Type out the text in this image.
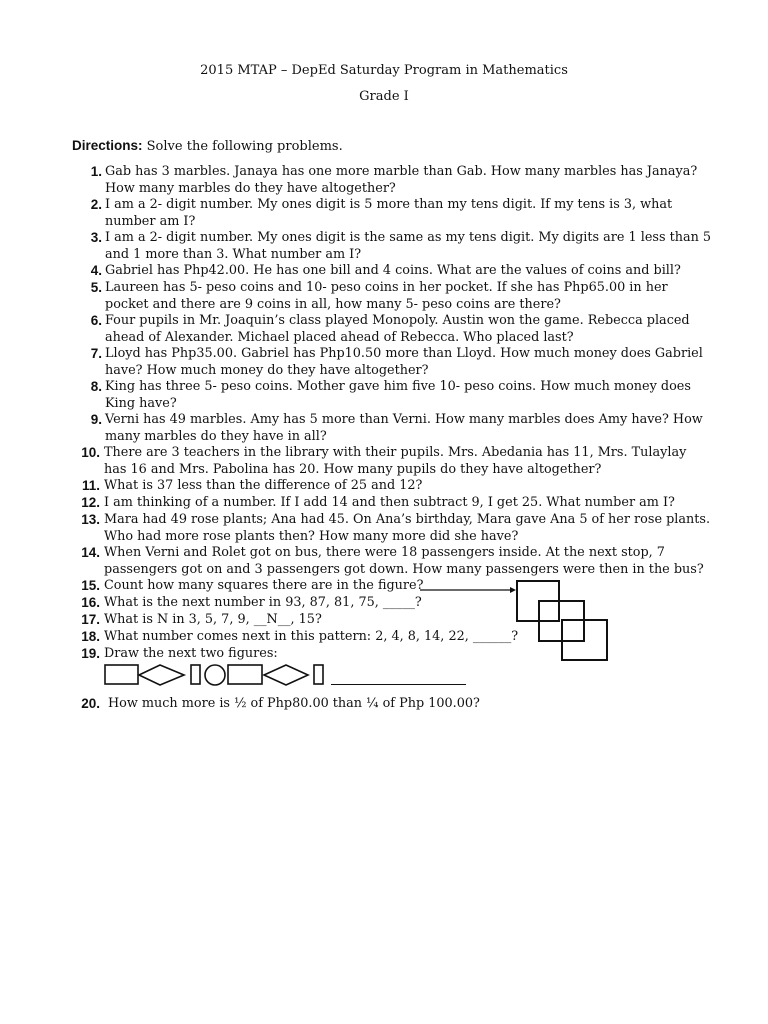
2015 MTAP – DepEd Saturday Program in Mathematics
Grade I
Directions: Solve the following problems.
1. Gab has 3 marbles. Janaya has one more marble than Gab. How many marbles has Janaya?
How many marbles do they have altogether?
2. I am a 2- digit number. My ones digit is 5 more than my tens digit. If my tens is 3, what
number am I?
3. I am a 2- digit number. My ones digit is the same as my tens digit. My digits are 1 less than 5
and 1 more than 3. What number am I?
4. Gabriel has Php42.00. He has one bill and 4 coins. What are the values of coins and bill?
5. Laureen has 5- peso coins and 10- peso coins in her pocket. If she has Php65.00 in her
pocket and there are 9 coins in all, how many 5- peso coins are there?
6. Four pupils in Mr. Joaquin’s class played Monopoly. Austin won the game. Rebecca placed
ahead of Alexander. Michael placed ahead of Rebecca. Who placed last?
7. Lloyd has Php35.00. Gabriel has Php10.50 more than Lloyd. How much money does Gabriel
have? How much money do they have altogether?
8. King has three 5- peso coins. Mother gave him five 10- peso coins. How much money does
King have?
9. Verni has 49 marbles. Amy has 5 more than Verni. How many marbles does Amy have? How
many marbles do they have in all?
10. There are 3 teachers in the library with their pupils. Mrs. Abedania has 11, Mrs. Tulaylay
has 16 and Mrs. Pabolina has 20. How many pupils do they have altogether?
11. What is 37 less than the difference of 25 and 12?
12. I am thinking of a number. If I add 14 and then subtract 9, I get 25. What number am I?
13. Mara had 49 rose plants; Ana had 45. On Ana’s birthday, Mara gave Ana 5 of her rose plants.
Who had more rose plants then? How many more did she have?
14. When Verni and Rolet got on bus, there were 18 passengers inside. At the next stop, 7
passengers got on and 3 passengers got down. How many passengers were then in the bus?
15. Count how many squares there are in the figure?
16. What is the next number in 93, 87, 81, 75, _____?
17. What is N in 3, 5, 7, 9, __N__, 15?
18. What number comes next in this pattern: 2, 4, 8, 14, 22, ______?
19. Draw the next two figures:
20. How much more is ½ of Php80.00 than ¼ of Php 100.00?
